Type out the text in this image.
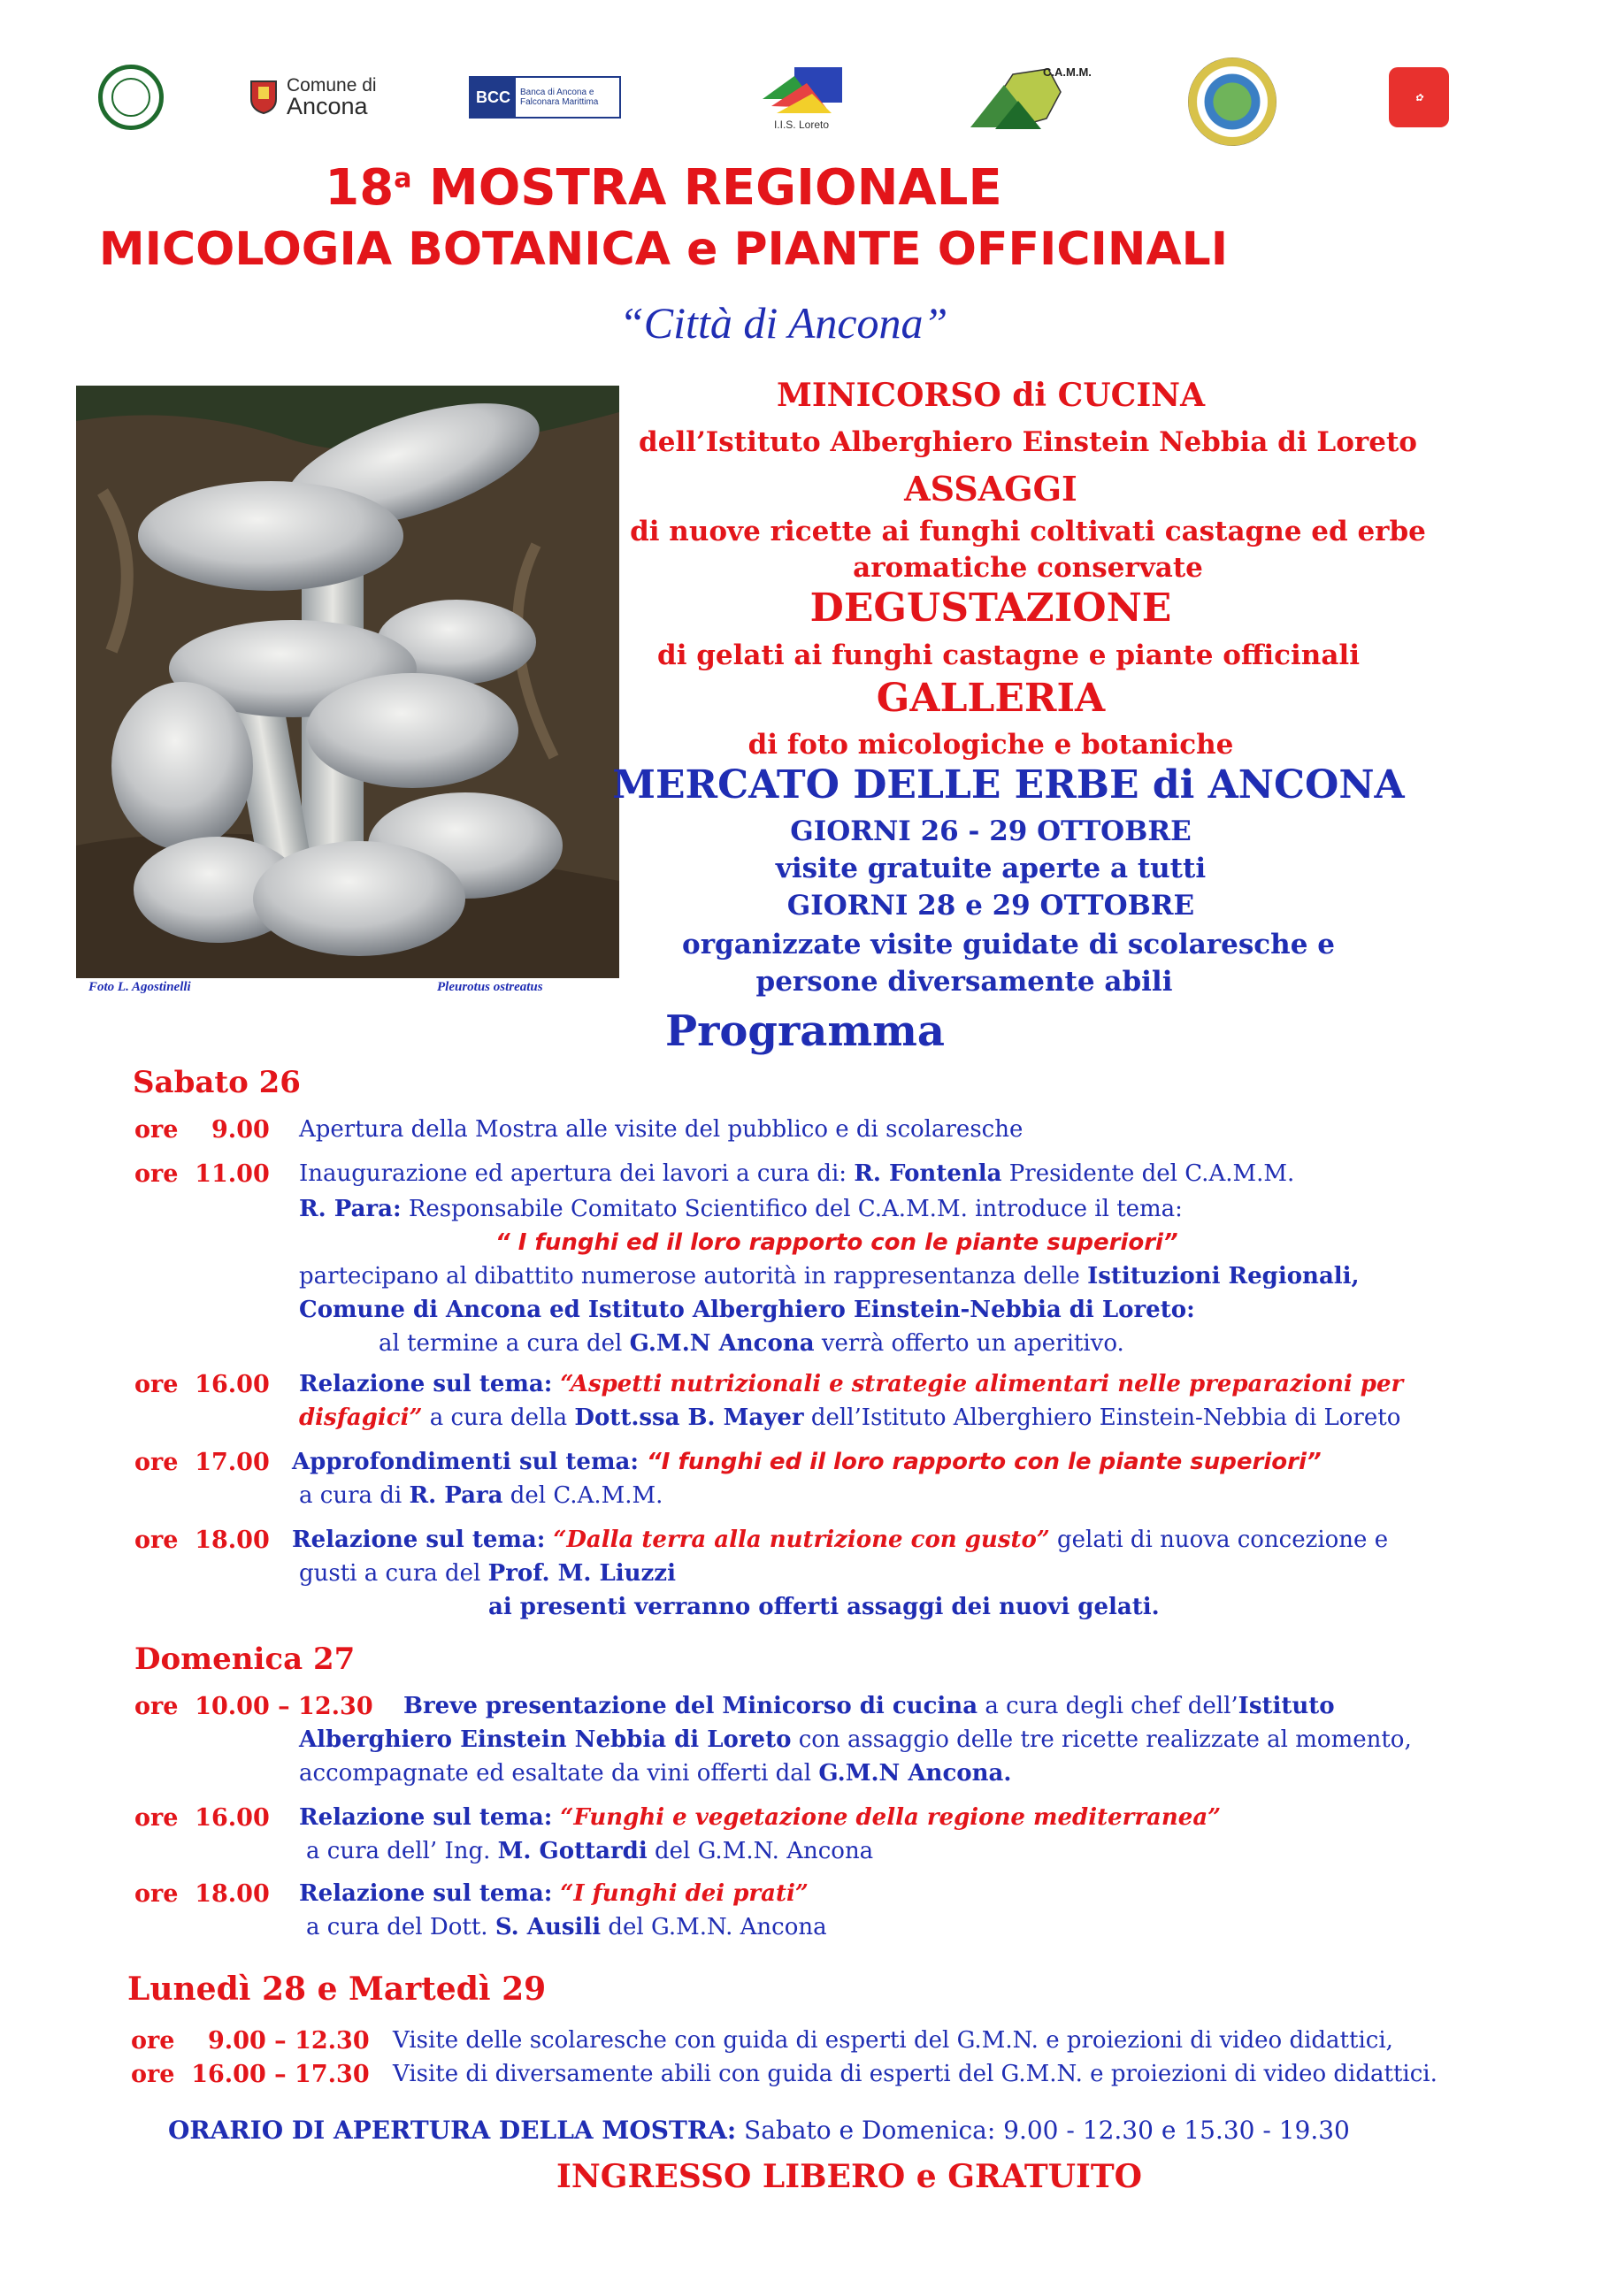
Comune di
Ancona	BCC Banca di Ancona e Falconara Marittima
I.I.S. Loreto
C.A.M.M.
✿
18$^a$ MOSTRA REGIONALE
MICOLOGIA BOTANICA e PIANTE OFFICINALI
“Città di Ancona”
Foto L. Agostinelli	Pleurotus ostreatus
MINICORSO di CUCINA
dell’Istituto Alberghiero Einstein Nebbia di Loreto
ASSAGGI
di nuove ricette ai funghi coltivati castagne ed erbe
aromatiche conservate
DEGUSTAZIONE
di gelati ai funghi castagne e piante officinali
GALLERIA
di foto micologiche e botaniche
MERCATO DELLE ERBE di ANCONA
GIORNI 26 - 29 OTTOBRE
visite gratuite aperte a tutti
GIORNI 28 e 29 OTTOBRE
organizzate visite guidate di scolaresche e
persone diversamente abili
Programma
Sabato 26
ore    9.00 Apertura della Mostra alle visite del pubblico e di scolaresche
ore  11.00 Inaugurazione ed apertura dei lavori a cura di: R. Fontenla Presidente del C.A.M.M.
R. Para: Responsabile Comitato Scientifico del C.A.M.M. introduce il tema:
“ I funghi ed il loro rapporto con le piante superiori”
partecipano al dibattito numerose autorità in rappresentanza delle Istituzioni Regionali,
Comune di Ancona ed Istituto Alberghiero Einstein-Nebbia di Loreto:
al termine a cura del G.M.N Ancona verrà offerto un aperitivo.
ore  16.00 Relazione sul tema: “Aspetti nutrizionali e strategie alimentari nelle preparazioni per
disfagici” a cura della Dott.ssa B. Mayer dell’Istituto Alberghiero Einstein-Nebbia di Loreto
ore  17.00 Approfondimenti sul tema: “I funghi ed il loro rapporto con le piante superiori”
a cura di R. Para del C.A.M.M.
ore  18.00 Relazione sul tema: “Dalla terra alla nutrizione con gusto” gelati di nuova concezione e
gusti a cura del Prof. M. Liuzzi
ai presenti verranno offerti assaggi dei nuovi gelati.
Domenica 27
ore  10.00 – 12.30 Breve presentazione del Minicorso di cucina a cura degli chef dell’Istituto
Alberghiero Einstein Nebbia di Loreto con assaggio delle tre ricette realizzate al momento,
accompagnate ed esaltate da vini offerti dal G.M.N Ancona.
ore  16.00 Relazione sul tema: “Funghi e vegetazione della regione mediterranea”
a cura dell’ Ing. M. Gottardi del G.M.N. Ancona
ore  18.00 Relazione sul tema: “I funghi dei prati”
a cura del Dott. S. Ausili del G.M.N. Ancona
Lunedì 28 e Martedì 29
ore    9.00 – 12.30 Visite delle scolaresche con guida di esperti del G.M.N. e proiezioni di video didattici,
ore  16.00 – 17.30 Visite di diversamente abili con guida di esperti del G.M.N. e proiezioni di video didattici.
ORARIO DI APERTURA DELLA MOSTRA: Sabato e Domenica: 9.00 - 12.30 e 15.30 - 19.30
INGRESSO LIBERO e GRATUITO
